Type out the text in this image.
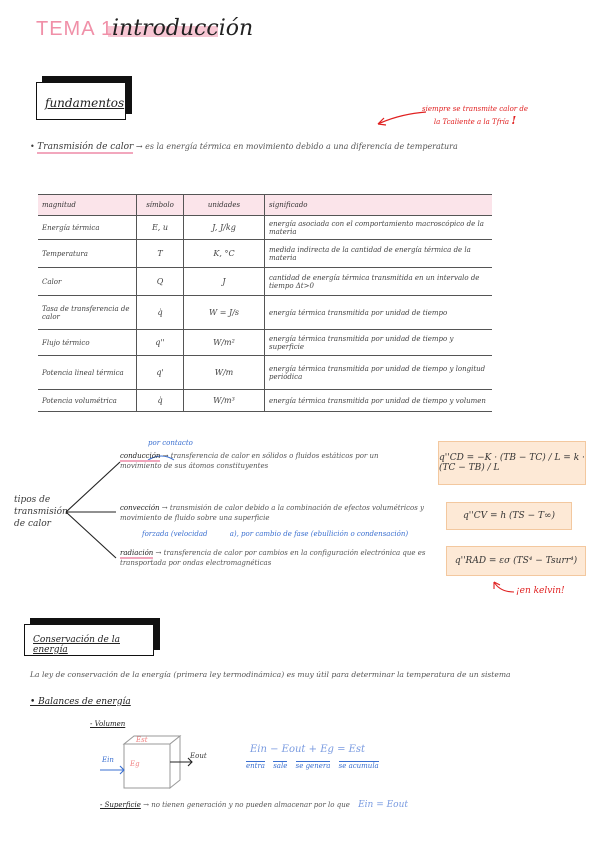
TEMA 1:
introducción
fundamentos	siempre se transmite calor de la Tcaliente a la Tfría !
• Transmisión de calor → es la energía térmica en movimiento debido a una diferencia de temperatura
magnitud	símbolo	unidades	significado
Energía térmica	E, u	J, J/kg	energía asociada con el comportamiento macroscópico de la materia
Temperatura	T	K, °C	medida indirecta de la cantidad de energía térmica de la materia
Calor	Q	J	cantidad de energía térmica transmitida en un intervalo de tiempo Δt>0
Tasa de transferencia de calor	q̇	W = J/s	energía térmica transmitida por unidad de tiempo
Flujo térmico	q''	W/m²	energía térmica transmitida por unidad de tiempo y superficie
Potencia lineal térmica	q'	W/m	energía térmica transmitida por unidad de tiempo y longitud periódica
Potencia volumétrica	q̇	W/m³	energía térmica transmitida por unidad de tiempo y volumen
tipos de transmisión de calor
por contacto
conducción → transferencia de calor en sólidos o fluidos estáticos por un movimiento de sus átomos constituyentes
q''CD = −K · (TB − TC) / L = k · (TC − TB) / L
convección → transmisión de calor debido a la combinación de efectos volumétricos y movimiento de fluido sobre una superficie
forzada (velocidad	a), por cambio de fase (ebullición o condensación)
q''CV = h (TS − T∞)
radiación → transferencia de calor por cambios en la configuración electrónica que es transportada por ondas electromagnéticas	q''RAD = εσ (TS⁴ − Tsurr⁴)
¡en kelvin!
Conservación de la energía
La ley de conservación de la energía (primera ley termodinámica) es muy útil para determinar la temperatura de un sistema
• Balances de energía
- Volumen
Est
Eg
Ein	Eout
Ein − Eout + Eg = Est
entra sale se genera se acumula
- Superficie → no tienen generación y no pueden almacenar por lo que Ein = Eout
